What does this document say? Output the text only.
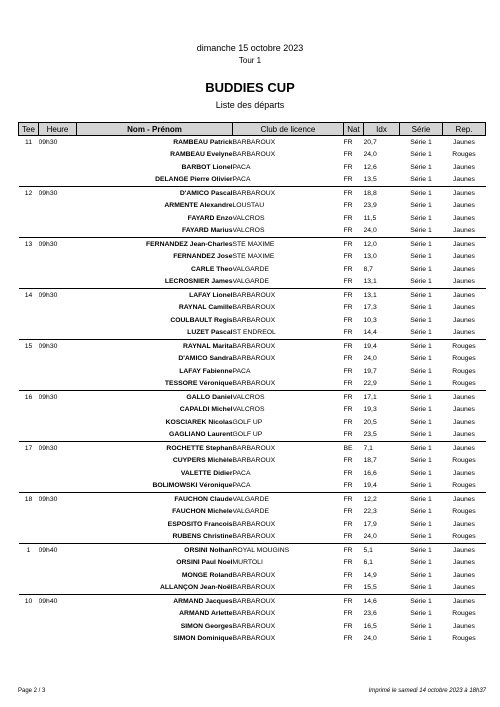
dimanche 15 octobre 2023
Tour 1
BUDDIES CUP
Liste des départs
Tee	Heure	Nom - Prénom	Club de licence	Nat	Idx	Série	Rep.
11	09h30	RAMBEAU Patrick	BARBAROUX	FR	20,7	Série 1	Jaunes
		RAMBEAU Evelyne	BARBAROUX	FR	24,0	Série 1	Rouges
		BARBOT Lionel	PACA	FR	12,6	Série 1	Jaunes
		DELANGE Pierre Olivier	PACA	FR	13,5	Série 1	Jaunes
12	09h30	D'AMICO Pascal	BARBAROUX	FR	18,8	Série 1	Jaunes
		ARMENTE Alexandre	LOUSTAU	FR	23,9	Série 1	Jaunes
		FAYARD Enzo	VALCROS	FR	11,5	Série 1	Jaunes
		FAYARD Marius	VALCROS	FR	24,0	Série 1	Jaunes
13	09h30	FERNANDEZ Jean-Charles	STE MAXIME	FR	12,0	Série 1	Jaunes
		FERNANDEZ Jose	STE MAXIME	FR	13,0	Série 1	Jaunes
		CARLE Theo	VALGARDE	FR	8,7	Série 1	Jaunes
		LECROSNIER James	VALGARDE	FR	13,1	Série 1	Jaunes
14	09h30	LAFAY Lionel	BARBAROUX	FR	13,1	Série 1	Jaunes
		RAYNAL Camille	BARBAROUX	FR	17,3	Série 1	Jaunes
		COULBAULT Regis	BARBAROUX	FR	10,3	Série 1	Jaunes
		LUZET Pascal	ST ENDREOL	FR	14,4	Série 1	Jaunes
15	09h30	RAYNAL Marita	BARBAROUX	FR	19,4	Série 1	Rouges
		D'AMICO Sandra	BARBAROUX	FR	24,0	Série 1	Rouges
		LAFAY Fabienne	PACA	FR	19,7	Série 1	Rouges
		TESSORE Véronique	BARBAROUX	FR	22,9	Série 1	Rouges
16	09h30	GALLO Daniel	VALCROS	FR	17,1	Série 1	Jaunes
		CAPALDI Michel	VALCROS	FR	19,3	Série 1	Jaunes
		KOSCIAREK Nicolas	GOLF UP	FR	20,5	Série 1	Jaunes
		GAGLIANO Laurent	GOLF UP	FR	23,5	Série 1	Jaunes
17	09h30	ROCHETTE Stephan	BARBAROUX	BE	7,1	Série 1	Jaunes
		CUYPERS Michèle	BARBAROUX	FR	18,7	Série 1	Rouges
		VALETTE Didier	PACA	FR	16,6	Série 1	Jaunes
		BOLIMOWSKI Véronique	PACA	FR	19,4	Série 1	Rouges
18	09h30	FAUCHON Claude	VALGARDE	FR	12,2	Série 1	Jaunes
		FAUCHON Michele	VALGARDE	FR	22,3	Série 1	Rouges
		ESPOSITO Francois	BARBAROUX	FR	17,9	Série 1	Jaunes
		RUBENS Christine	BARBAROUX	FR	24,0	Série 1	Rouges
1	09h40	ORSINI Nolhan	ROYAL MOUGINS	FR	5,1	Série 1	Jaunes
		ORSINI Paul Noel	MURTOLI	FR	6,1	Série 1	Jaunes
		MONGE Roland	BARBAROUX	FR	14,9	Série 1	Jaunes
		ALLANÇON Jean-Noël	BARBAROUX	FR	15,5	Série 1	Jaunes
10	09h40	ARMAND Jacques	BARBAROUX	FR	14,6	Série 1	Jaunes
		ARMAND Arlette	BARBAROUX	FR	23,6	Série 1	Rouges
		SIMON Georges	BARBAROUX	FR	16,5	Série 1	Jaunes
		SIMON Dominique	BARBAROUX	FR	24,0	Série 1	Rouges
Page 2 / 3	Imprimé le samedi 14 octobre 2023 à 18h37
